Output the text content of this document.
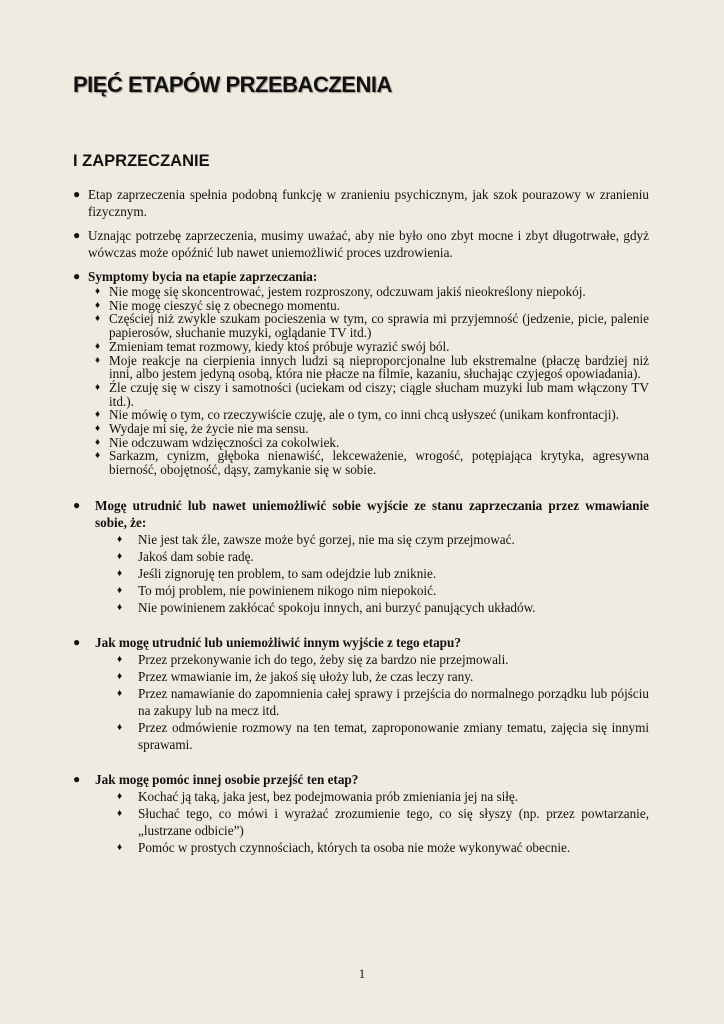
PIĘĆ ETAPÓW PRZEBACZENIA
I ZAPRZECZANIE

● Etap zaprzeczenia spełnia podobną funkcję w zranieniu psychicznym, jak szok pourazowy w zranieniu fizycznym.

● Uznając potrzebę zaprzeczenia, musimy uważać, aby nie było ono zbyt mocne i zbyt długotrwałe, gdyż wówczas może opóźnić lub nawet uniemożliwić proces uzdrowienia.

● Symptomy bycia na etapie zaprzeczania:

♦ Nie mogę się skoncentrować, jestem rozproszony, odczuwam jakiś nieokreślony niepokój.
♦ Nie mogę cieszyć się z obecnego momentu.
♦ Częściej niż zwykle szukam pocieszenia w tym, co sprawia mi przyjemność (jedzenie, picie, palenie papierosów, słuchanie muzyki, oglądanie TV itd.)
♦ Zmieniam temat rozmowy, kiedy ktoś próbuje wyrazić swój ból.
♦ Moje reakcje na cierpienia innych ludzi są nieproporcjonalne lub ekstremalne (płaczę bardziej niż inni, albo jestem jedyną osobą, która nie płacze na filmie, kazaniu, słuchając czyjegoś opowiadania).
♦ Źle czuję się w ciszy i samotności (uciekam od ciszy; ciągle słucham muzyki lub mam włączony TV itd.).
♦ Nie mówię o tym, co rzeczywiście czuję, ale o tym, co inni chcą usłyszeć (unikam konfrontacji).
♦ Wydaje mi się, że życie nie ma sensu.
♦ Nie odczuwam wdzięczności za cokolwiek.
♦ Sarkazm, cynizm, głęboka nienawiść, lekceważenie, wrogość, potępiająca krytyka, agresywna bierność, obojętność, dąsy, zamykanie się w sobie.

● Mogę utrudnić lub nawet uniemożliwić sobie wyjście ze stanu zaprzeczania przez wmawianie sobie, że:

♦ Nie jest tak źle, zawsze może być gorzej, nie ma się czym przejmować.
♦ Jakoś dam sobie radę.
♦ Jeśli zignoruję ten problem, to sam odejdzie lub zniknie.
♦ To mój problem, nie powinienem nikogo nim niepokoić.
♦ Nie powinienem zakłócać spokoju innych, ani burzyć panujących układów.

● Jak mogę utrudnić lub uniemożliwić innym wyjście z tego etapu?

♦ Przez przekonywanie ich do tego, żeby się za bardzo nie przejmowali.
♦ Przez wmawianie im, że jakoś się ułoży lub, że czas leczy rany.
♦ Przez namawianie do zapomnienia całej sprawy i przejścia do normalnego porządku lub pójściu na zakupy lub na mecz itd.
♦ Przez odmówienie rozmowy na ten temat, zaproponowanie zmiany tematu, zajęcia się innymi sprawami.

● Jak mogę pomóc innej osobie przejść ten etap?

♦ Kochać ją taką, jaka jest, bez podejmowania prób zmieniania jej na siłę.
♦ Słuchać tego, co mówi i wyrażać zrozumienie tego, co się słyszy (np. przez powtarzanie, „lustrzane odbicie”)
♦ Pomóc w prostych czynnościach, których ta osoba nie może wykonywać obecnie.
1
